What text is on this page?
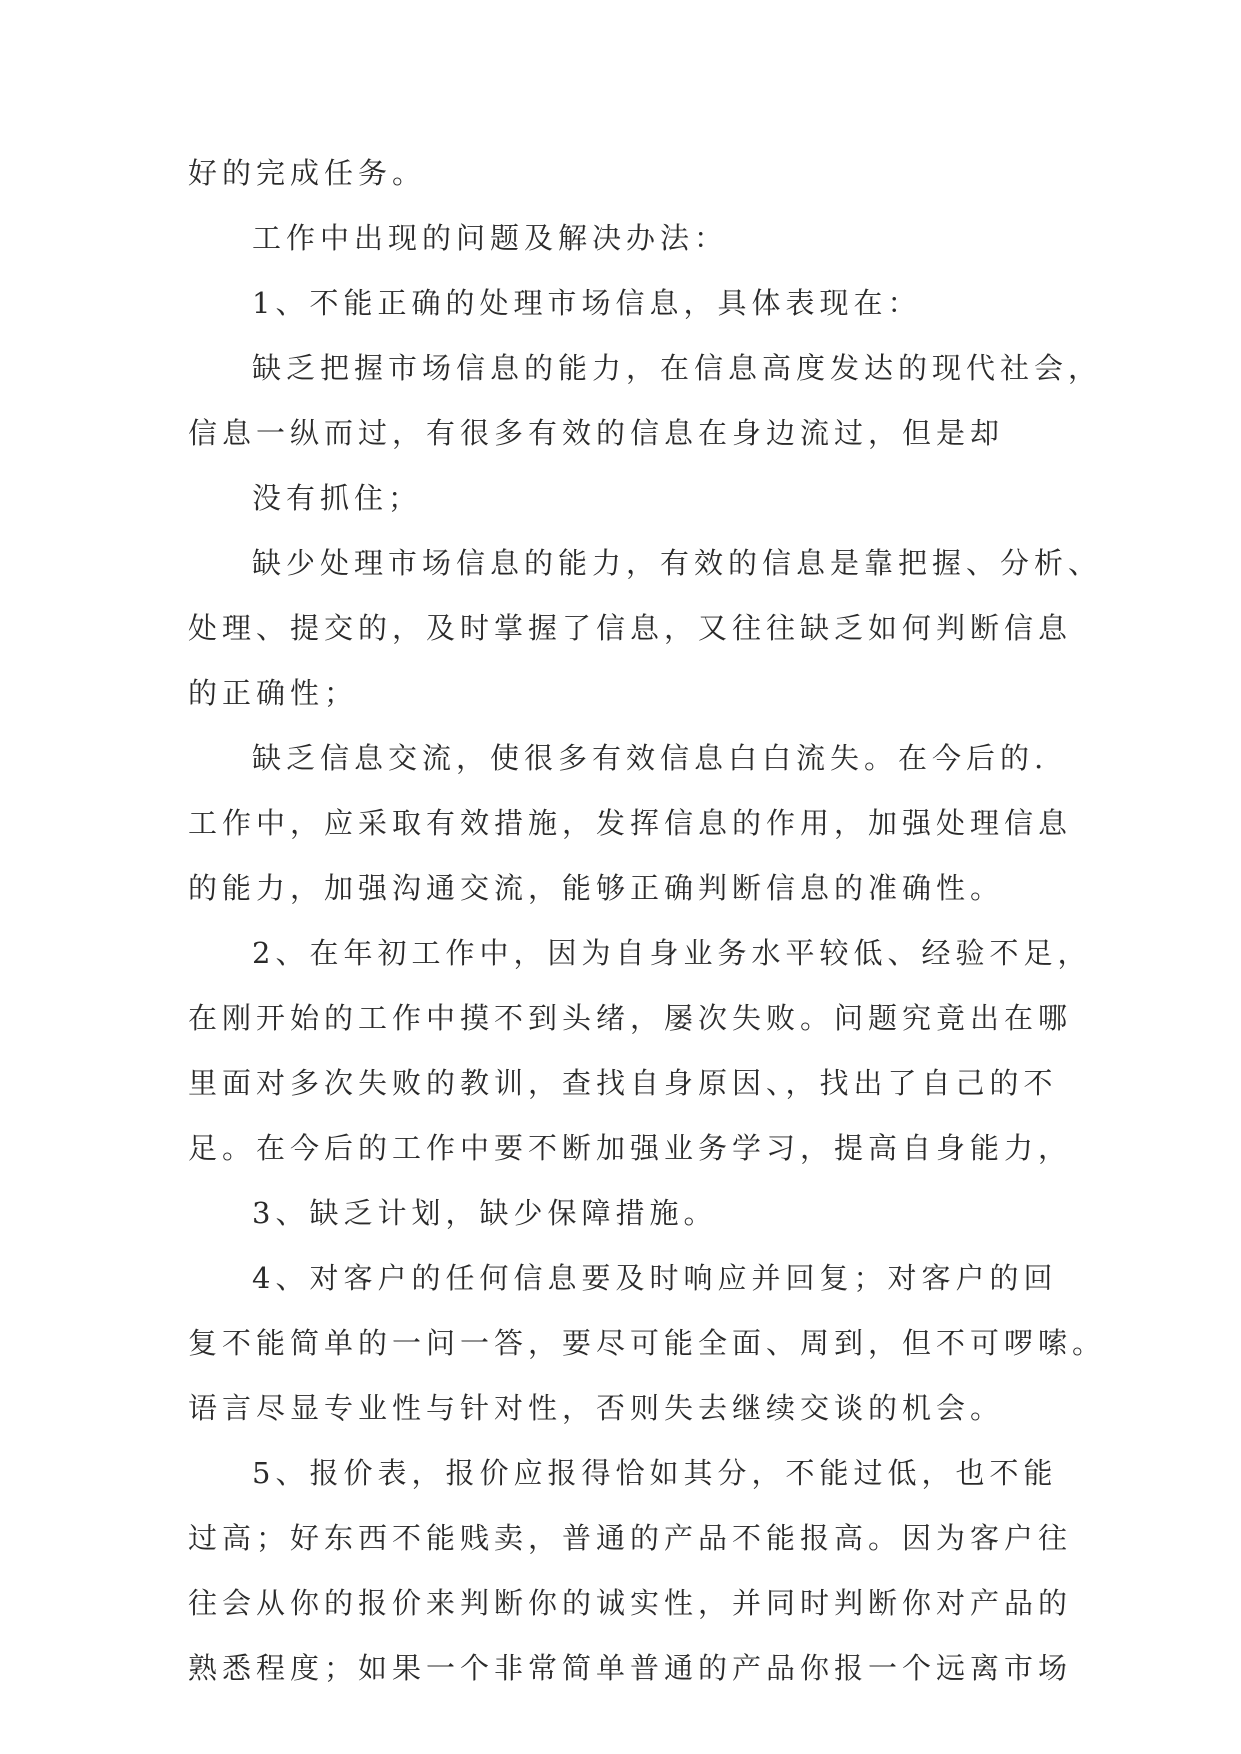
好的完成任务。
工作中出现的问题及解决办法：
1、不能正确的处理市场信息，具体表现在：
缺乏把握市场信息的能力，在信息高度发达的现代社会，
信息一纵而过，有很多有效的信息在身边流过，但是却
没有抓住；
缺少处理市场信息的能力，有效的信息是靠把握、分析、
处理、提交的，及时掌握了信息，又往往缺乏如何判断信息
的正确性；
缺乏信息交流，使很多有效信息白白流失。在今后的.
工作中，应采取有效措施，发挥信息的作用，加强处理信息
的能力，加强沟通交流，能够正确判断信息的准确性。
2、在年初工作中，因为自身业务水平较低、经验不足，
在刚开始的工作中摸不到头绪，屡次失败。问题究竟出在哪
里面对多次失败的教训，查找自身原因、，找出了自己的不
足。在今后的工作中要不断加强业务学习，提高自身能力，
3、缺乏计划，缺少保障措施。
4、对客户的任何信息要及时响应并回复；对客户的回
复不能简单的一问一答，要尽可能全面、周到，但不可啰嗦。
语言尽显专业性与针对性，否则失去继续交谈的机会。
5、报价表，报价应报得恰如其分，不能过低，也不能
过高；好东西不能贱卖，普通的产品不能报高。因为客户往
往会从你的报价来判断你的诚实性，并同时判断你对产品的
熟悉程度；如果一个非常简单普通的产品你报一个远离市场
